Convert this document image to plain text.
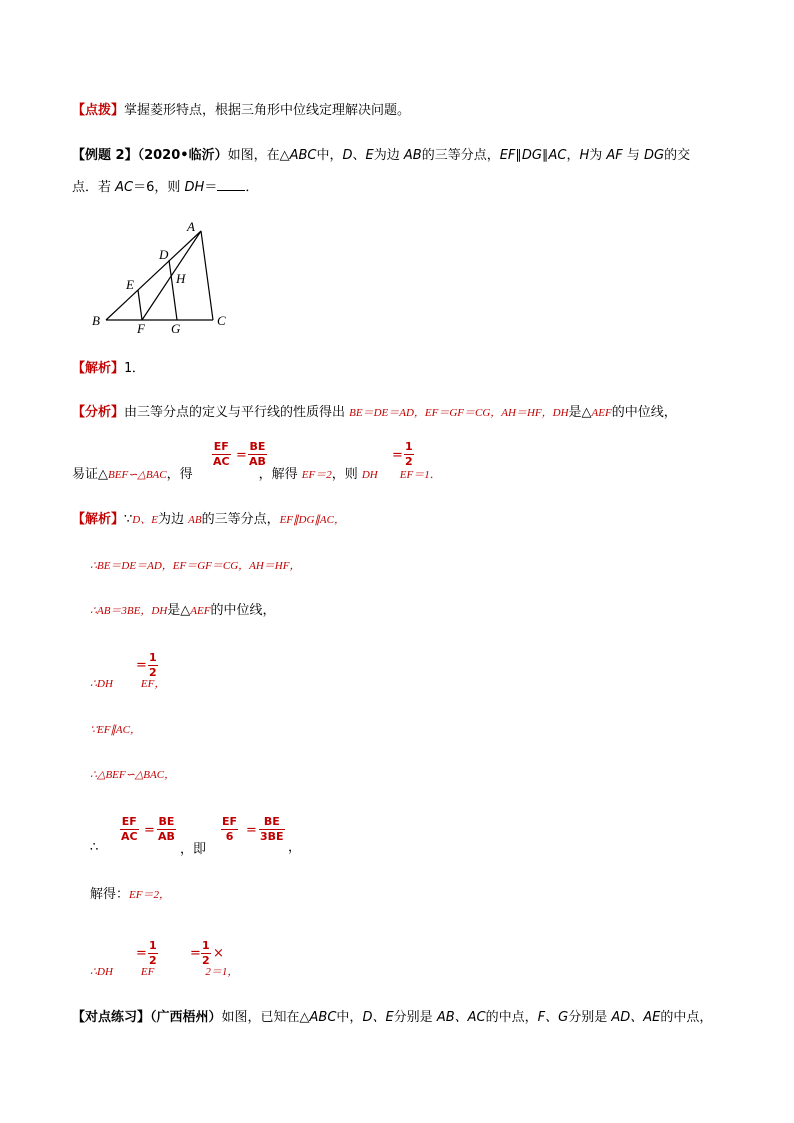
【点拨】掌握菱形特点，根据三角形中位线定理解决问题。
【例题 2】（2020•临沂）如图，在△ABC中，D、E为边 AB的三等分点，EF∥DG∥AC，H为 AF 与 DG的交
点．若 AC＝6，则 DH＝ ．
A
B	C
D
E
F G
H
【解析】1．
【分析】由三等分点的定义与平行线的性质得出 BE＝DE＝AD，EF＝GF＝CG，AH＝HF，DH是△AEF的中位线，
$\frac{EF}{AC} = \frac{BE}{AB}$	= $\frac{1}{2}$
易证△BEF∽△BAC，得	，解得 EF＝2，则 DH EF＝1．
【解析】∵D、E为边 AB的三等分点，EF∥DG∥AC，
∴BE＝DE＝AD，EF＝GF＝CG，AH＝HF，
∴AB＝3BE，DH是△AEF的中位线，
= $\frac{1}{2}$
∴DH	EF，
∵EF∥AC，
∴△BEF∽△BAC，
∴
$\frac{EF}{AC} = \frac{BE}{AB}$
，即
$\frac{EF}{6} = \frac{BE}{3BE}$
，
解得：EF＝2，
= $\frac{1}{2} = \frac{1}{2}$ ×
∴DH	EF	2＝1，
【对点练习】（广西梧州）如图，已知在△ABC中，D、E分别是 AB、AC的中点，F、G分别是 AD、AE的中点，
